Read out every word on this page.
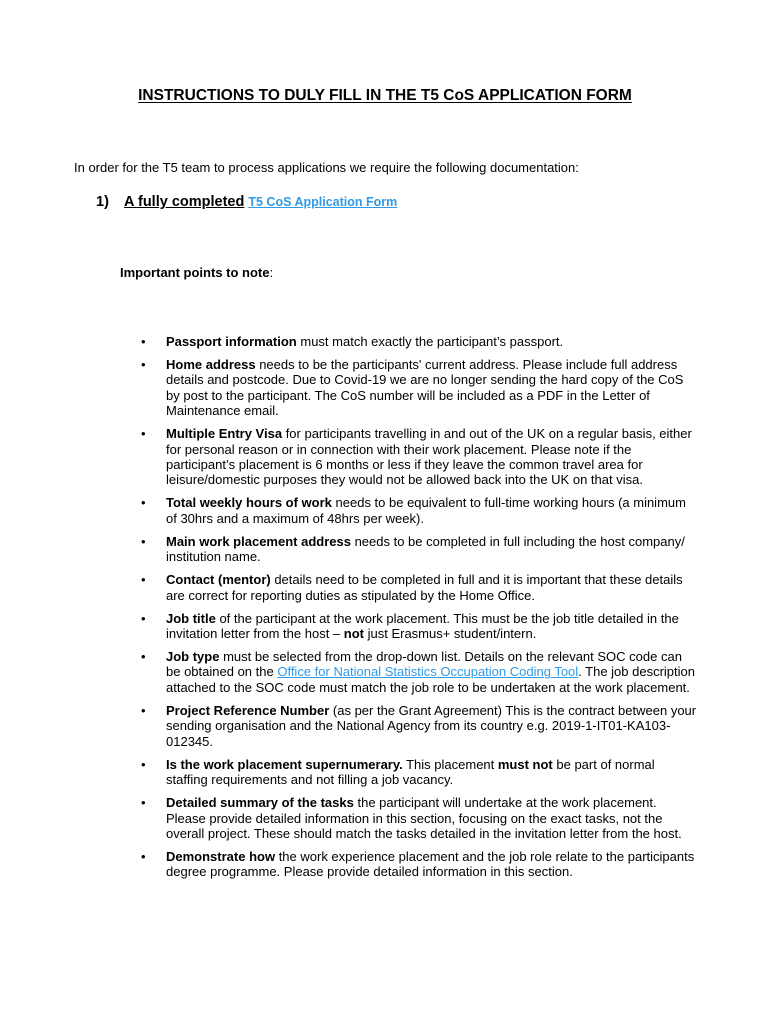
INSTRUCTIONS TO DULY FILL IN THE T5 CoS APPLICATION FORM
In order for the T5 team to process applications we require the following documentation:
1) A fully completed T5 CoS Application Form
Important points to note:
• Passport information must match exactly the participant’s passport.
• Home address needs to be the participants' current address. Please include full address details and postcode. Due to Covid-19 we are no longer sending the hard copy of the CoS by post to the participant. The CoS number will be included as a PDF in the Letter of Maintenance email.
• Multiple Entry Visa for participants travelling in and out of the UK on a regular basis, either for personal reason or in connection with their work placement. Please note if the participant’s placement is 6 months or less if they leave the common travel area for leisure/domestic purposes they would not be allowed back into the UK on that visa.
• Total weekly hours of work needs to be equivalent to full-time working hours (a minimum of 30hrs and a maximum of 48hrs per week).
• Main work placement address needs to be completed in full including the host company/ institution name.
• Contact (mentor) details need to be completed in full and it is important that these details are correct for reporting duties as stipulated by the Home Office.
• Job title of the participant at the work placement. This must be the job title detailed in the invitation letter from the host – not just Erasmus+ student/intern.
• Job type must be selected from the drop-down list. Details on the relevant SOC code can be obtained on the Office for National Statistics Occupation Coding Tool. The job description attached to the SOC code must match the job role to be undertaken at the work placement.
• Project Reference Number (as per the Grant Agreement) This is the contract between your sending organisation and the National Agency from its country e.g. 2019-1-IT01-KA103-012345.
• Is the work placement supernumerary. This placement must not be part of normal staffing requirements and not filling a job vacancy.
• Detailed summary of the tasks the participant will undertake at the work placement. Please provide detailed information in this section, focusing on the exact tasks, not the overall project. These should match the tasks detailed in the invitation letter from the host.
• Demonstrate how the work experience placement and the job role relate to the participants degree programme. Please provide detailed information in this section.
